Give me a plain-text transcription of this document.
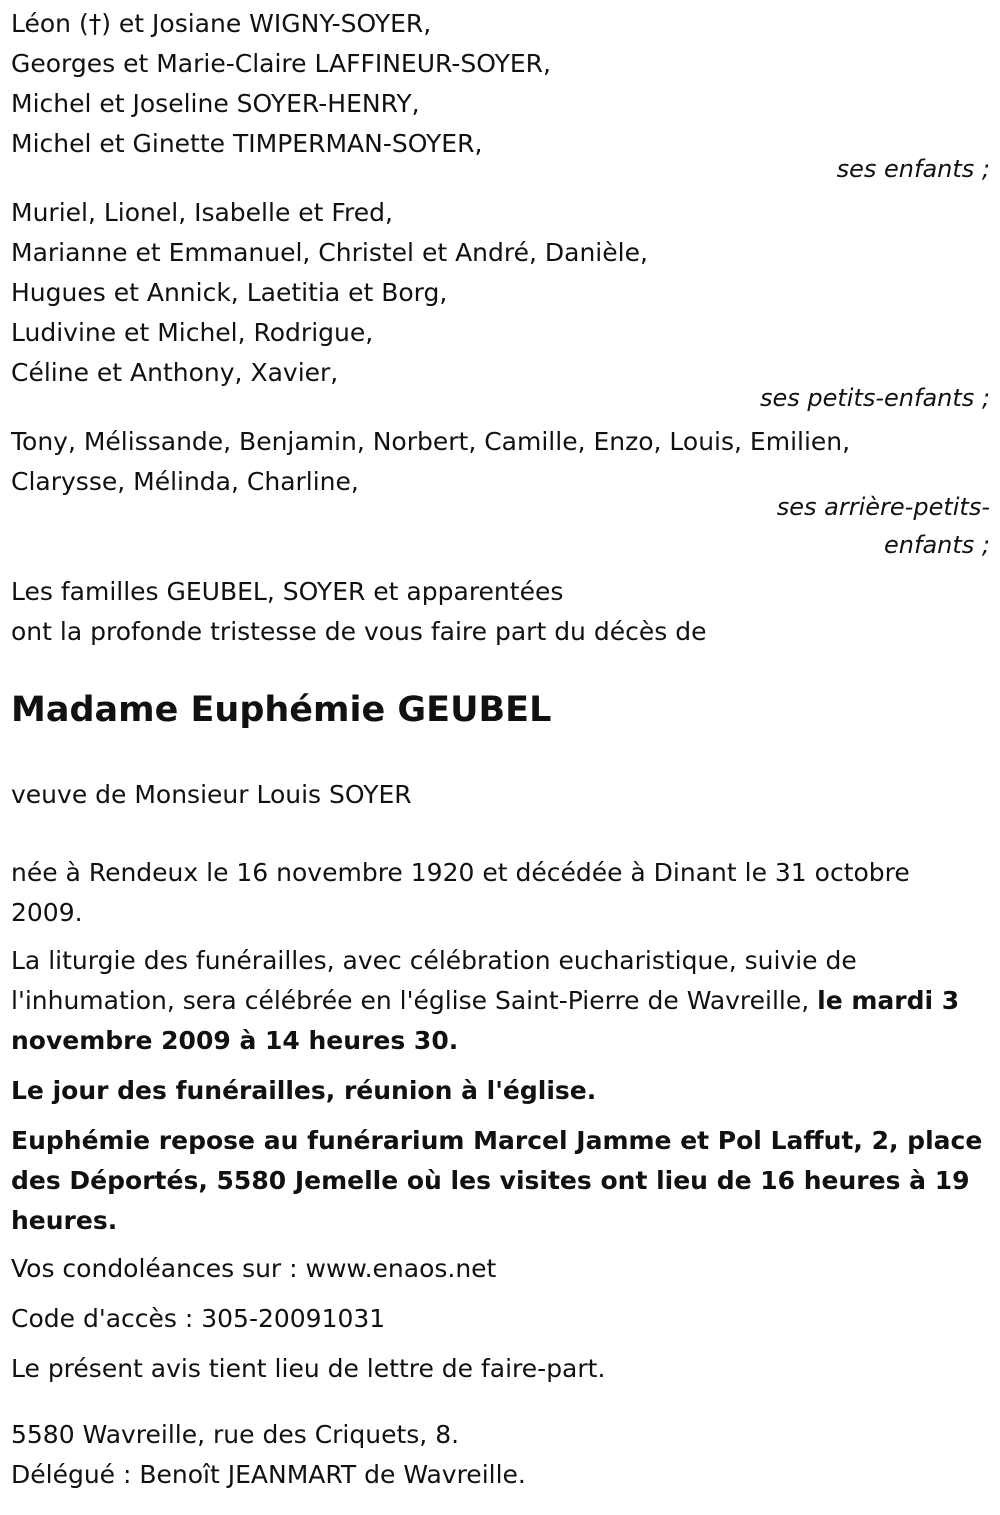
Léon (†) et Josiane WIGNY-SOYER,
Georges et Marie-Claire LAFFINEUR-SOYER,
Michel et Joseline SOYER-HENRY,
Michel et Ginette TIMPERMAN-SOYER,
ses enfants ;
Muriel, Lionel, Isabelle et Fred,
Marianne et Emmanuel, Christel et André, Danièle,
Hugues et Annick, Laetitia et Borg,
Ludivine et Michel, Rodrigue,
Céline et Anthony, Xavier,
ses petits-enfants ;
Tony, Mélissande, Benjamin, Norbert, Camille, Enzo, Louis, Emilien,
Clarysse, Mélinda, Charline,
ses arrière-petits-
enfants ;
Les familles GEUBEL, SOYER et apparentées
ont la profonde tristesse de vous faire part du décès de
Madame Euphémie GEUBEL
veuve de Monsieur Louis SOYER

née à Rendeux le 16 novembre 1920 et décédée à Dinant le 31 octobre 2009.

La liturgie des funérailles, avec célébration eucharistique, suivie de l'inhumation, sera célébrée en l'église Saint-Pierre de Wavreille, le mardi 3 novembre 2009 à 14 heures 30.

Le jour des funérailles, réunion à l'église.

Euphémie repose au funérarium Marcel Jamme et Pol Laffut, 2, place des Déportés, 5580 Jemelle où les visites ont lieu de 16 heures à 19 heures.

Vos condoléances sur : www.enaos.net
Code d'accès : 305-20091031
Le présent avis tient lieu de lettre de faire-part.
5580 Wavreille, rue des Criquets, 8.
Délégué : Benoît JEANMART de Wavreille.
